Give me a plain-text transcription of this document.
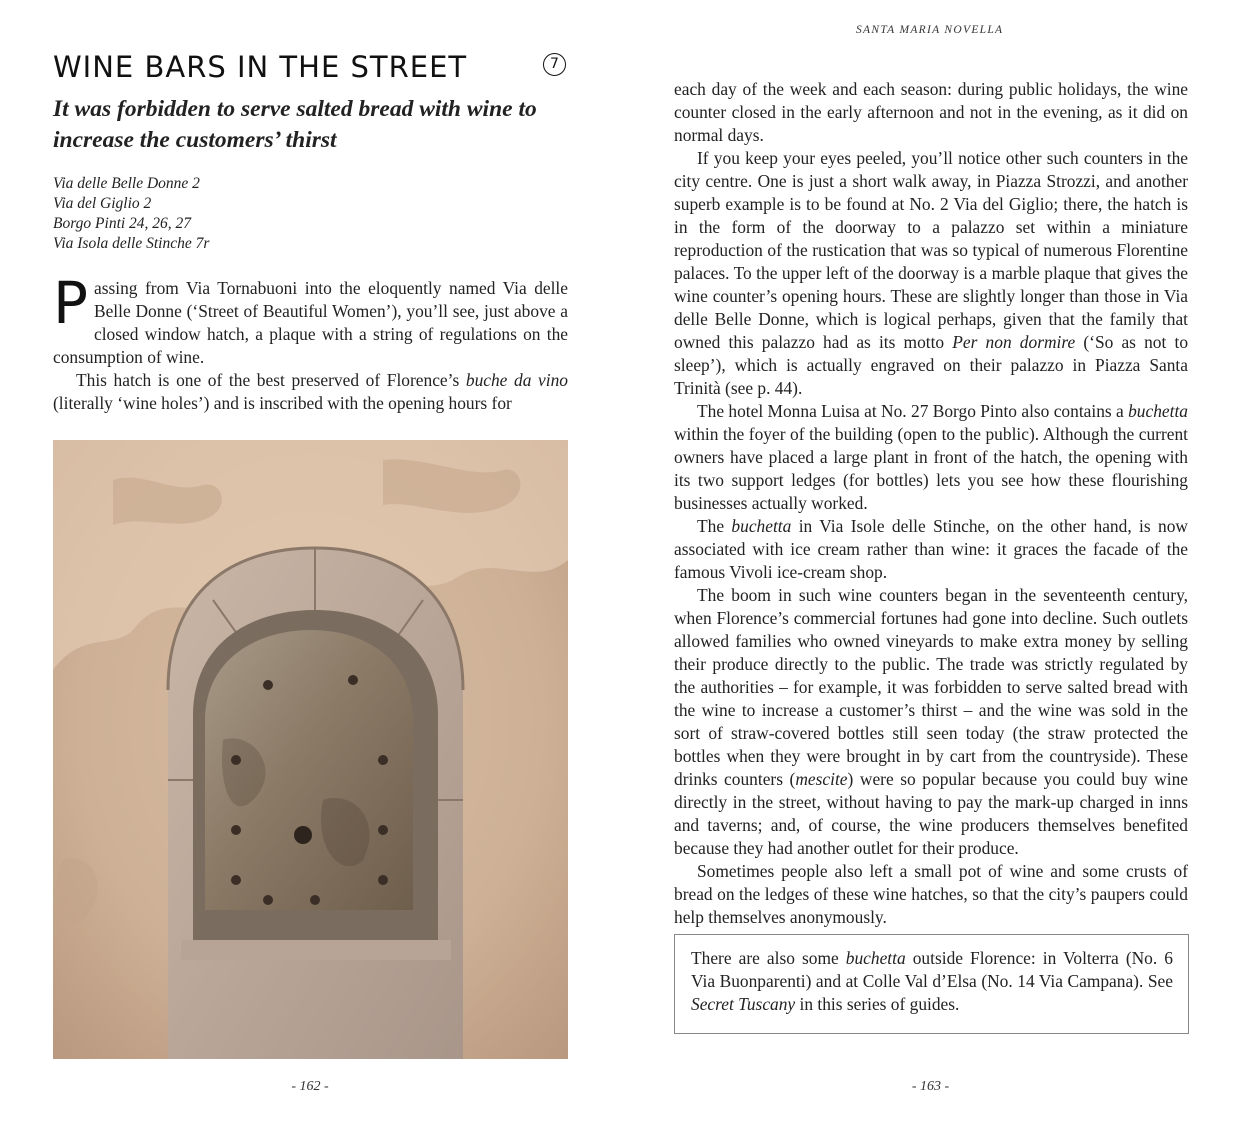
WINE BARS IN THE STREET	7
It was forbidden to serve salted bread with wine to increase the customers’ thirst
Via delle Belle Donne 2
Via del Giglio 2
Borgo Pinti 24, 26, 27
Via Isola delle Stinche 7r

Passing from Via Tornabuoni into the eloquently named Via delle Belle Donne (‘Street of Beautiful Women’), you’ll see, just above a closed window hatch, a plaque with a string of regulations on the consumption of wine.

This hatch is one of the best preserved of Florence’s buche da vino (literally ‘wine holes’) and is inscribed with the opening hours for

- 162 -
SANTA MARIA NOVELLA

each day of the week and each season: during public holidays, the wine counter closed in the early afternoon and not in the evening, as it did on normal days.

If you keep your eyes peeled, you’ll notice other such counters in the city centre. One is just a short walk away, in Piazza Strozzi, and another superb example is to be found at No. 2 Via del Giglio; there, the hatch is in the form of the doorway to a palazzo set within a miniature reproduction of the rustication that was so typical of numerous Florentine palaces. To the upper left of the doorway is a marble plaque that gives the wine counter’s opening hours. These are slightly longer than those in Via delle Belle Donne, which is logical perhaps, given that the family that owned this palazzo had as its motto Per non dormire (‘So as not to sleep’), which is actually engraved on their palazzo in Piazza Santa Trinità (see p. 44).

The hotel Monna Luisa at No. 27 Borgo Pinto also contains a buchetta within the foyer of the building (open to the public). Although the current owners have placed a large plant in front of the hatch, the opening with its two support ledges (for bottles) lets you see how these flourishing businesses actually worked.

The buchetta in Via Isole delle Stinche, on the other hand, is now associated with ice cream rather than wine: it graces the facade of the famous Vivoli ice-cream shop.

The boom in such wine counters began in the seventeenth century, when Florence’s commercial fortunes had gone into decline. Such outlets allowed families who owned vineyards to make extra money by selling their produce directly to the public. The trade was strictly regulated by the authorities – for example, it was forbidden to serve salted bread with the wine to increase a customer’s thirst – and the wine was sold in the sort of straw-covered bottles still seen today (the straw protected the bottles when they were brought in by cart from the countryside). These drinks counters (mescite) were so popular because you could buy wine directly in the street, without having to pay the mark-up charged in inns and taverns; and, of course, the wine producers themselves benefited because they had another outlet for their produce.

Sometimes people also left a small pot of wine and some crusts of bread on the ledges of these wine hatches, so that the city’s paupers could help themselves anonymously.

There are also some buchetta outside Florence: in Volterra (No. 6 Via Buonparenti) and at Colle Val d’Elsa (No. 14 Via Campana). See Secret Tuscany in this series of guides.
- 163 -
